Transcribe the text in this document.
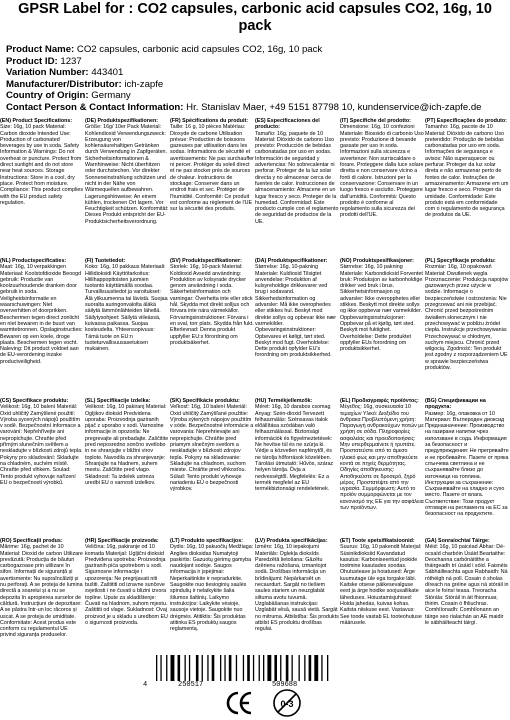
GPSR Label for : CO2 capsules, carbonic acid capsules CO2, 16g, 10
pack
Product Name: CO2 capsules, carbonic acid capsules CO2, 16g, 10 pack
Product ID: 1237
Variation Number: 443401
Manufacturer/Distributor: ich-zapfe
Country of Origin: Germany
Contact Person & Contact Information: Hr. Stanislav Maer, +49 5151 87798 10, kundenservice@ich-zapfe.de

(EN) Product Specifications:

Size: 16g, 10 pack Material: Carbon dioxide Intended Use: Production of carbonated beverages by use in soda. Safety Information & Warnings: Do not overheat or puncture. Protect from direct sunlight and do not store near heat sources. Storage Instructions: Store in a cool, dry place. Protect from moisture. Compliance: This product complies with the EU product safety regulation.

(DE) Produktspezifikationen:

Größe: 16g/ 10er Pack Material: Kohlendioxid Verwendungszweck: Erzeugung von kohlensäurehaltigen Getränken durch Verwendung in Zapfgeräten. Sicherheitsinformationen & Warnhinweise: Nicht überhitzen oder durchstechen. Vor direkter Sonneneinstrahlung schützen und nicht in der Nähe von Wärmequellen aufbewahren. Lagerungshinweise: An einem kühlen, trockenen Ort lagern. Vor Feuchtigkeit schützen. Konformität: Dieses Produkt entspricht der EU-Produktsicherheitsverordnung.

(FR) Spécifications du produit:

Taille: 16 g, 10 pièces Matériau: Dioxyde de carbone Utilisation prévue: Production de boissons gazeuses par utilisation dans les sodas. Informations de sécurité et avertissements: Ne pas surchauffer ni percer. Protéger du soleil direct et ne pas stocker près de sources de chaleur. Instructions de stockage: Conserver dans un endroit frais et sec. Protéger de l'humidité. Conformité: Ce produit est conforme au règlement de l'UE sur la sécurité des produits.

(ES) Especificaciones del producto:

Tamaño: 16g, paquete de 10 Material: Dióxido de carbono Uso previsto: Producción de bebidas carbonatadas por uso en sodas. Información de seguridad y advertencias: No sobrecalentar ni perforar. Proteger de la luz solar directa y no almacenar cerca de fuentes de calor. Instrucciones de almacenamiento: Almacene en un lugar fresco y seco. Proteger de la humedad. Conformidad: Este producto cumple con el reglamento de seguridad de productos de la UE.

(IT) Specifiche del prodotto:

Dimensione: 16g, 10 confezioni Materiale: Biossido di carbonio Uso previsto: Produzione di bevande gassate per uso in soda. Informazioni sulla sicurezza e avvertenze: Non surriscaldare o forare. Proteggere dalla luce solare diretta e non conservare vicino a fonti di calore. Istruzioni per la conservazione: Conservare in un luogo fresco e asciutto. Proteggere dall'umidità. Conformità: Questo prodotto è conforme al regolamento sulla sicurezza dei prodotti dell'UE.

(PT) Especificações do produto:

Tamanho: 16g, pacote de 10 Material: Dióxido de carbono Uso pretendido: Produção de bebidas carbonatadas por uso em soda. Informações de segurança e avisos: Não superaquecer ou perfurar. Proteger da luz solar direta e não armazenar perto de fontes de calor. Instruções de armazenamento: Armazene em um lugar fresco e seco. Proteger da umidade. Conformidade: Este produto está em conformidade com o regulamento de segurança de produtos da UE.

(NL) Productspecificaties:

Maat: 16g, 10 verpakkingen Materiaal: Koolstofdioxide Beoogd gebruik: Productie van koolzuurhoudende dranken door gebruik in soda. Veiligheidsinformatie en waarschuwingen: Niet oververhitten of doorprikken. Beschermen tegen direct zonlicht en niet bewaren in de buurt van warmtebronnen. Opslaginstructies: Bewaren op een koele, droge plaats. Beschermen tegen vocht. Naleving: Dit product voldoet aan de EU-verordening inzake productveiligheid.

(FI) Tuotetiedot:

Koko: 16g, 10 pakkaus Materiaali: Hiilidioksidi Käyttötarkoitus: Hiilihappopitoisten juomien tuotanto käyttämällä soodaa. Turvallisuustiedot ja varoitukset: Älä ylikuumenna tai lävistä. Suojaa suoralta auringonvalolta äläkä säilytä lämmönlähteiden lähellä. Säilytysohjeet: Säilytä viileässä, kuivassa paikassa. Suojaa kosteudelta. Yhteensopivuus: Tämä tuote on EU:n tuoteturvallisuusasetuksen mukainen.

(SV) Produktspecifikationer:

Storlek: 16g, 10-pack Material: Koldioxid Avsedd användning: Produktion av kolsyrade drycker genom användning i soda. Säkerhetsinformation och varningar: Överhetta inte eller stick hål. Skydda mot direkt solljus och förvara inte nära värmekällor. Förvaringsinstruktioner: Förvara i en sval, torr plats. Skydda från fukt. Efterlevnad: Denna produkt uppfyller EU:s förordning om produktsäkerhet.

(DA) Produktspecifikationer:

Størrelse: 16g, 10-pakning Materiale: Kuldioxid Tilsigtet anvendelse: Produktion af kulsyreholdige drikkevarer ved brug i sodavand. Sikkerhedsinformation og advarsler: Må ikke overophedes eller stikkes hul. Beskyt mod direkte sollys og opbevar ikke nær varmekilder. Opbevaringsinstruktioner: Opbevares et køligt, tørt sted. Beskyt mod fugt. Overholdelse: Dette produkt opfylder EU's forordning om produktsikkerhed.

(NO) Produktspesifikasjoner:

Størrelse: 16g, 10 pakning Materiale: Karbondioksid Forventet bruk: Produksjon av karbonholdige drikker ved bruk i brus. Sikkerhetsinformasjon og advarsler: Ikke overopphetes eller stikkes. Beskytt mot direkte sollys og ikke oppbevar nær varmekilder. Oppbevaringsinstruksjoner: Oppbevar på et kjølig, tørt sted. Beskytt mot fuktighet. Overholdelse: Dette produktet oppfyller EUs forordning om produktsikkerhet.

(PL) Specyfikacje produktu:

Rozmiar: 16g, 10 opakowań Materiał: Dwutlenek węgla Przeznaczenie: Produkcja napojów gazowanych przez użycie w sodzie. Informacje o bezpieczeństwie i ostrzeżenia: Nie przegrzewać ani nie przebijać. Chronić przed bezpośrednim światłem słonecznym i nie przechowywać w pobliżu źródeł ciepła. Instrukcje przechowywania: Przechowywać w chłodnym, suchym miejscu. Chronić przed wilgocią. Zgodność: Ten produkt jest zgodny z rozporządzeniem UE w sprawie bezpieczeństwa produktów.

(CS) Specifikace produktu:

Velikost: 16g, 10 balení Materiál: Oxid uhličitý Zamýšlené použití: Výroba sycených nápojů použitím v sodě. Bezpečnostní informace a varování: Nepřehřívejte ani nepropichujte. Chraňte před přímým slunečním světlem a neskladujte v blízkosti zdrojů tepla. Pokyny pro skladování: Skladujte na chladném, suchém místě. Chraňte před vlhkem. Soulad: Tento produkt vyhovuje nařízení EU o bezpečnosti výrobků.

(SL) Specifikacije izdelka:

Velikost: 16g, 10 pakiranj Material: Ogljikov dioksid Predvidena uporaba: Proizvodnja gaziranih pijač z uporabo v sodi. Varnostne informacije in opozorila: Ne pregrevajte ali prebadajte. Zaščitite pred neposredno sončno svetlobo in ne shranjujte v bližini virov toplote. Navodila za shranjevanje: Shranjujte na hladnem, suhem mestu. Zaščitite pred vlago. Skladnost: Ta izdelek ustreza uredbi EU o varnosti izdelkov.

(SK) Špecifikácie produktu:

Veľkosť: 16g, 10 balení Materiál: Oxid uhličitý Zamýšľané použitie: Výroba sýtených nápojov použitím v sóde. Bezpečnostné informácie a varovania: Neprehrievajte ani neprepichujte. Chráňte pred priamym slnečným svetlom a neskladujte v blízkosti zdrojov tepla. Pokyny na skladovanie: Skladujte na chladnom, suchom mieste. Chráňte pred vlhkosťou. Súlad: Tento produkt vyhovuje nariadeniu EÚ o bezpečnosti výrobkov.

(HU) Termékjellemzők:

Méret: 16g, 10 darabos csomag Anyag: Szén-dioxid Tervezett felhasználás: Szénsavas italok előállítása szódában való felhasználással. Biztonsági információk és figyelmeztetések: Ne hevítse túl és ne szúrja ki. Védje a közvetlen napfénytől, és ne tárolja hőforrások közelében. Tárolási útmutató: Hűvös, száraz helyen tárolja. Óvja a nedvességtől. Megfelelés: Ez a termék megfelel az EU termékbiztonsági rendeletének.

(EL) Προδιαγραφές προϊόντος:

Μέγεθος: 16g, συσκευασία 10 τεμαχίων Υλικό: Διοξείδιο του άνθρακα Προβλεπόμενη χρήση: Παραγωγή ανθρακούχων ποτών με χρήση σε σόδα. Πληροφορίες ασφαλείας και προειδοποιήσεις: Μην υπερθερμαίνετε ή τρυπάτε. Προστατεύστε από το άμεσο ηλιακό φως και μην αποθηκεύετε κοντά σε πηγές θερμότητας. Οδηγίες αποθήκευσης: Αποθηκεύστε σε δροσερό, ξηρό μέρος. Προστατέψτε από την υγρασία. Συμμόρφωση: Αυτό το προϊόν συμμορφώνεται με τον κανονισμό της ΕΕ για την ασφάλεια των προϊόντων.

(BG) Спецификации на продукта:

Размер: 16g, опаковка от 10 Материал: Въглероден диоксид Предназначение: Производство на газирани напитки чрез използване в сода. Информация за безопасност и предупреждения: Не прегрявайте и не пробивайте. Пазете от пряка слънчева светлина и не съхранявайте близо до източници на топлина. Инструкции за съхранение: Съхранявайте на хладно и сухо място. Пазете от влага. Съответствие: Този продукт отговаря на регламента на ЕС за безопасност на продуктите.

(RO) Specificații produs:

Mărime: 16g, pachet de 10 Material: Dioxid de carbon Utilizare prevăzută: Producția de băuturi carbogazoase prin utilizare în sifon. Informații de siguranță și avertismente: Nu supraîncălziți și nu perforați. A se proteja de lumina directă a soarelui și a nu se depozita în apropierea surselor de căldură. Instrucțiuni de depozitare: A se păstra într-un loc răcoros și uscat. A se proteja de umiditate. Conformitate: Acest produs este conform cu regulamentul UE privind siguranța produselor.

(HR) Specifikacije proizvoda:

Veličina: 16g, pakiranje od 10 komada Materijal: Ugljični dioksid Predviđena upotreba: Proizvodnja gaziranih pića upotrebom u sodi. Sigurnosne informacije i upozorenja: Ne pregrijavati niti bušiti. Zaštititi od izravne sunčeve svjetlosti i ne čuvati u blizini izvora topline. Upute za skladištenje: Čuvati na hladnom, suhom mjestu. Zaštititi od vlage. Sukladnost: Ovaj proizvod je u skladu s uredbom EU o sigurnosti proizvoda.

(LT) Produkto specifikacijos:

Dydis: 16g, 10 pakuočių Medžiaga: Anglies dioksidas Numatytoji paskirtis: Gazuotų gėrimų gamyba naudojant sodoje. Saugos informacija ir įspėjimai: Neperkaitinkite ir nepradurkite. Saugokite nuo tiesioginių saulės spindulių ir nelaikykite šalia šilumos šaltinių. Laikymo instrukcijos: Laikykite vėsioje, sausoje vietoje. Saugokite nuo drėgmės. Atitiktis: Šis produktas atitinka ES produktų saugos reglamentą.

(LV) Produkta specifikācijas:

Izmērs: 16g, 10 iepakojumi Materiāls: Oglekļa dioksīds Paredzētā lietošana: Gāzētu dzērienu ražošana, izmantojot sodā. Drošības informācija un brīdinājumi: Nepārkarsēt un necaurdurt. Sargāt no tiešiem saules stariem un neuzglabāt siltuma avotu tuvumā. Uzglabāšanas instrukcijas: Uzglabāt vēsā, sausā vietā. Sargāt no mitruma. Atbilstība: Šis produkts atbilst ES produktu drošības regulai.

(ET) Toote spetsifikatsioonid:

Suurus: 16g, 10 pakendit Materjal: Süsinikdioksiid Kavandatud kasutus: Karboniseeritud jookide tootmine kasutades soodas. Ohutusteave ja hoiatused: Ärge kuumutage üle ega torgake läbi. Kaitske otsese päikesevalguse eest ja ärge hoidke soojusallikate läheduses. Hoiustamisjuhised: Hoida jahedas, kuivas kohas. Kaitsta niiskuse eest. Vastavus: See toode vastab EL tooteohutuse määrusele.

(GA) Sonraíochtaí Táirge:

Méid: 16g, 10 paicéad Ábhar: Dé-ocsaíd charbóin Úsáid Beartaithe: Deochanna carbónáitithe a tháirgeadh trí úsáid i sóid. Faisnéis Sábháilteachta agus Rabhaidh: Ná róthéigh ná poll. Cosain ó sholas díreach na gréine agus ná stóráil in aice le foinsí teasa. Treoracha Stórála: Stóráil in áit fhionnuar, thirim. Cosain ó fhliuchras. Comhlíonadh: Comhlíonann an táirge seo rialachán an AE maidir le sábháilteacht táirgí.

4	250517	509688
0-3
